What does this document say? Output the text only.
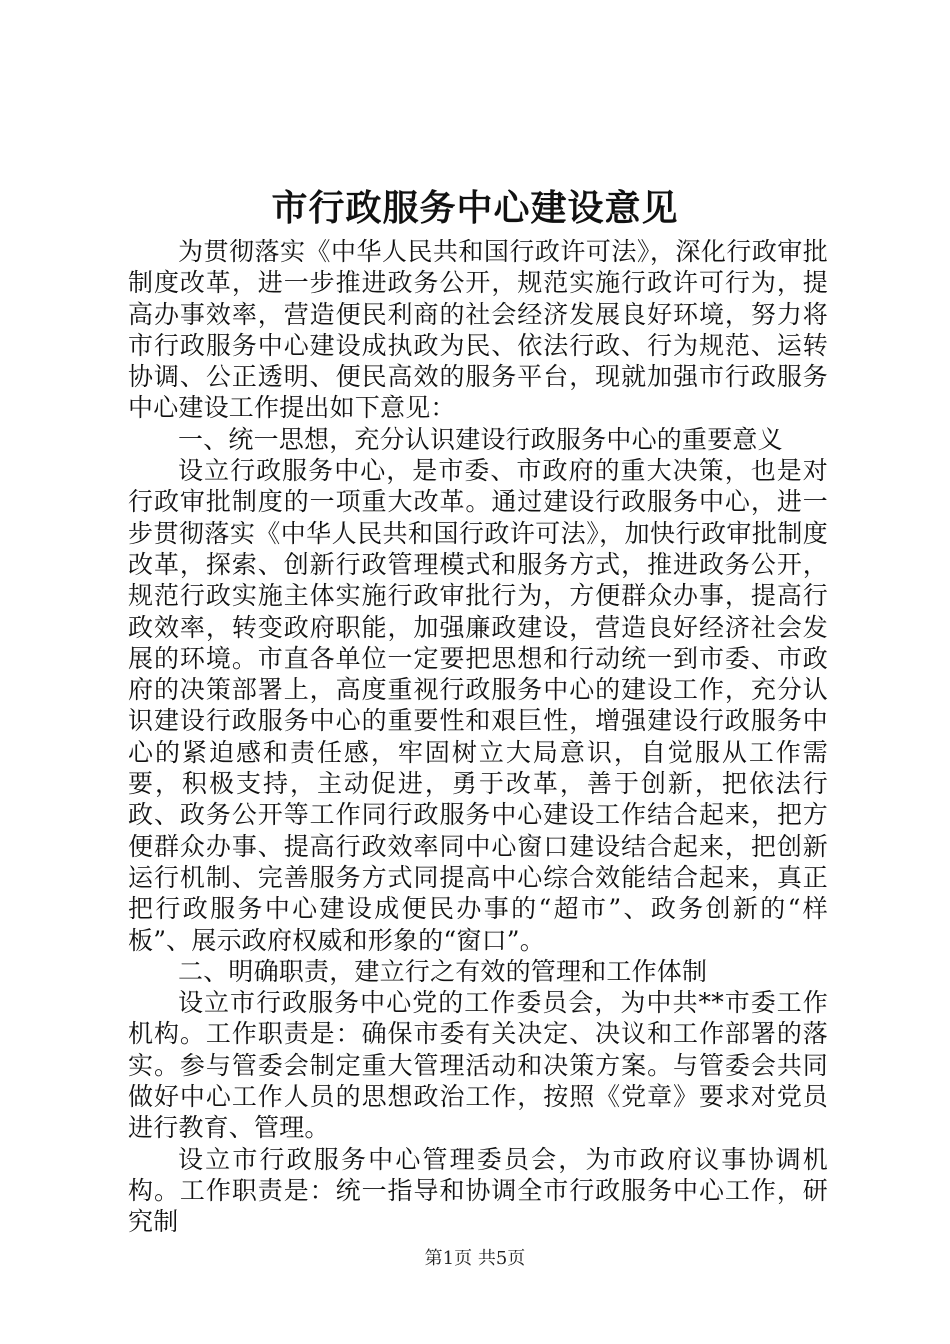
市行政服务中心建设意见

为贯彻落实《中华人民共和国行政许可法》，深化行政审批制度改革，进一步推进政务公开，规范实施行政许可行为，提高办事效率，营造便民利商的社会经济发展良好环境，努力将市行政服务中心建设成执政为民、依法行政、行为规范、运转协调、公正透明、便民高效的服务平台，现就加强市行政服务中心建设工作提出如下意见：

一、统一思想，充分认识建设行政服务中心的重要意义

设立行政服务中心，是市委、市政府的重大决策，也是对行政审批制度的一项重大改革。通过建设行政服务中心，进一步贯彻落实《中华人民共和国行政许可法》，加快行政审批制度改革，探索、创新行政管理模式和服务方式，推进政务公开，规范行政实施主体实施行政审批行为，方便群众办事，提高行政效率，转变政府职能，加强廉政建设，营造良好经济社会发展的环境。市直各单位一定要把思想和行动统一到市委、市政府的决策部署上，高度重视行政服务中心的建设工作，充分认识建设行政服务中心的重要性和艰巨性，增强建设行政服务中心的紧迫感和责任感，牢固树立大局意识，自觉服从工作需要，积极支持，主动促进，勇于改革，善于创新，把依法行政、政务公开等工作同行政服务中心建设工作结合起来，把方便群众办事、提高行政效率同中心窗口建设结合起来，把创新运行机制、完善服务方式同提高中心综合效能结合起来，真正把行政服务中心建设成便民办事的“超市”、政务创新的“样板”、展示政府权威和形象的“窗口”。

二、明确职责，建立行之有效的管理和工作体制

设立市行政服务中心党的工作委员会，为中共**市委工作机构。工作职责是：确保市委有关决定、决议和工作部署的落实。参与管委会制定重大管理活动和决策方案。与管委会共同做好中心工作人员的思想政治工作，按照《党章》要求对党员进行教育、管理。

设立市行政服务中心管理委员会，为市政府议事协调机构。工作职责是：统一指导和协调全市行政服务中心工作，研究制

第1页 共5页
